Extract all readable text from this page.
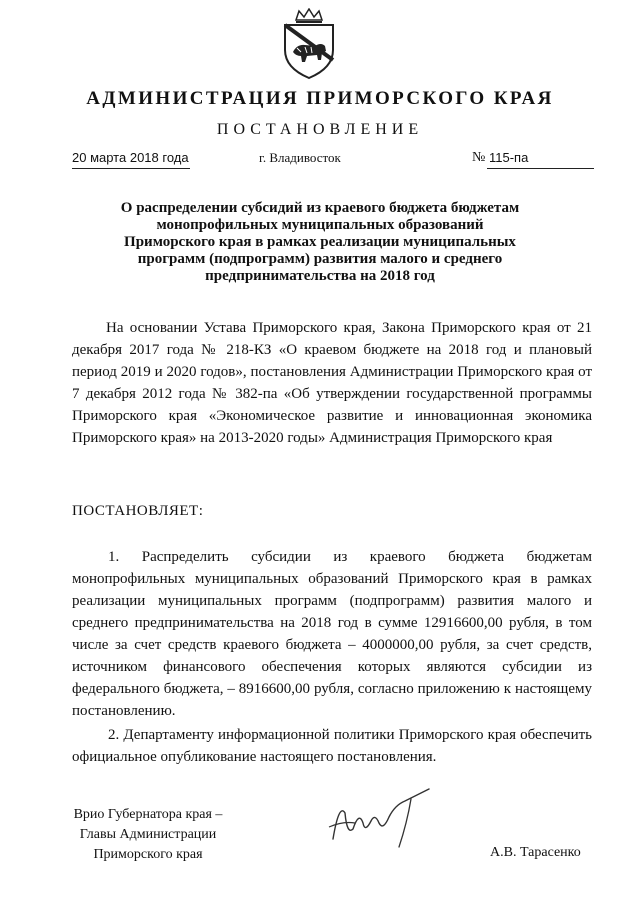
АДМИНИСТРАЦИЯ ПРИМОРСКОГО КРАЯ
ПОСТАНОВЛЕНИЕ
20 марта 2018 года	г. Владивосток	№ 115-па
О распределении субсидий из краевого бюджета бюджетам монопрофильных муниципальных образований Приморского края в рамках реализации муниципальных программ (подпрограмм) развития малого и среднего предпринимательства на 2018 год
На основании Устава Приморского края, Закона Приморского края от 21 декабря 2017 года № 218-КЗ «О краевом бюджете на 2018 год и плановый период 2019 и 2020 годов», постановления Администрации Приморского края от 7 декабря 2012 года № 382-па «Об утверждении государственной программы Приморского края «Экономическое развитие и инновационная экономика Приморского края» на 2013-2020 годы» Администрация Приморского края
ПОСТАНОВЛЯЕТ:
1. Распределить субсидии из краевого бюджета бюджетам монопрофильных муниципальных образований Приморского края в рамках реализации муниципальных программ (подпрограмм) развития малого и среднего предпринимательства на 2018 год в сумме 12916600,00 рубля, в том числе за счет средств краевого бюджета – 4000000,00 рубля, за счет средств, источником финансового обеспечения которых являются субсидии из федерального бюджета, – 8916600,00 рубля, согласно приложению к настоящему постановлению.
2. Департаменту информационной политики Приморского края обеспечить официальное опубликование настоящего постановления.
Врио Губернатора края –
Главы Администрации
Приморского края	А.В. Тарасенко
